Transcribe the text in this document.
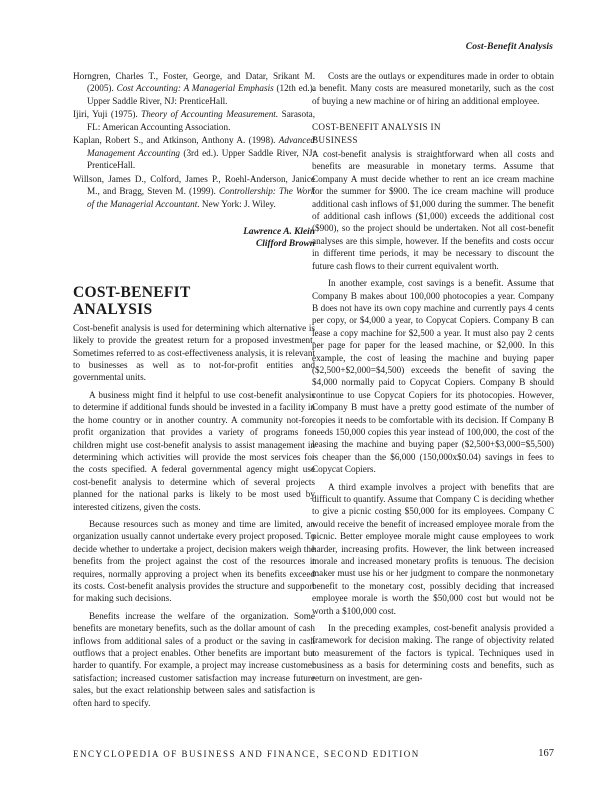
Cost-Benefit Analysis

Horngren, Charles T., Foster, George, and Datar, Srikant M. (2005). Cost Accounting: A Managerial Emphasis (12th ed.). Upper Saddle River, NJ: PrenticeHall.

Ijiri, Yuji (1975). Theory of Accounting Measurement. Sarasota, FL: American Accounting Association.

Kaplan, Robert S., and Atkinson, Anthony A. (1998). Advanced Management Accounting (3rd ed.). Upper Saddle River, NJ: PrenticeHall.

Willson, James D., Colford, James P., Roehl-Anderson, Janice M., and Bragg, Steven M. (1999). Controllership: The Work of the Managerial Accountant. New York: J. Wiley.

Lawrence A. Klein
Clifford Brown
COST-BENEFIT
ANALYSIS

Cost-benefit analysis is used for determining which alternative is likely to provide the greatest return for a proposed investment. Sometimes referred to as cost-effectiveness analysis, it is relevant to businesses as well as to not-for-profit entities and governmental units.

A business might find it helpful to use cost-benefit analysis to determine if additional funds should be invested in a facility in the home country or in another country. A community not-for-profit organization that provides a variety of programs for children might use cost-benefit analysis to assist management in determining which activities will provide the most services for the costs specified. A federal governmental agency might use cost-benefit analysis to determine which of several projects planned for the national parks is likely to be most used by interested citizens, given the costs.

Because resources such as money and time are limited, an organization usually cannot undertake every project proposed. To decide whether to undertake a project, decision makers weigh the benefits from the project against the cost of the resources it requires, normally approving a project when its benefits exceed its costs. Cost-benefit analysis provides the structure and support for making such decisions.

Benefits increase the welfare of the organization. Some benefits are monetary benefits, such as the dollar amount of cash inflows from additional sales of a product or the saving in cash outflows that a project enables. Other benefits are important but harder to quantify. For example, a project may increase customer satisfaction; increased customer satisfaction may increase future sales, but the exact relationship between sales and satisfaction is often hard to specify.

Costs are the outlays or expenditures made in order to obtain a benefit. Many costs are measured monetarily, such as the cost of buying a new machine or of hiring an additional employee.

COST-BENEFIT ANALYSIS IN
BUSINESS

A cost-benefit analysis is straightforward when all costs and benefits are measurable in monetary terms. Assume that Company A must decide whether to rent an ice cream machine for the summer for $900. The ice cream machine will produce additional cash inflows of $1,000 during the summer. The benefit of additional cash inflows ($1,000) exceeds the additional cost ($900), so the project should be undertaken. Not all cost-benefit analyses are this simple, however. If the benefits and costs occur in different time periods, it may be necessary to discount the future cash flows to their current equivalent worth.

In another example, cost savings is a benefit. Assume that Company B makes about 100,000 photocopies a year. Company B does not have its own copy machine and currently pays 4 cents per copy, or $4,000 a year, to Copycat Copiers. Company B can lease a copy machine for $2,500 a year. It must also pay 2 cents per page for paper for the leased machine, or $2,000. In this example, the cost of leasing the machine and buying paper ($2,500+$2,000=$4,500) exceeds the benefit of saving the $4,000 normally paid to Copycat Copiers. Company B should continue to use Copycat Copiers for its photocopies. However, Company B must have a pretty good estimate of the number of copies it needs to be comfortable with its decision. If Company B needs 150,000 copies this year instead of 100,000, the cost of the leasing the machine and buying paper ($2,500+$3,000=$5,500) is cheaper than the $6,000 (150,000x$0.04) savings in fees to Copycat Copiers.

A third example involves a project with benefits that are difficult to quantify. Assume that Company C is deciding whether to give a picnic costing $50,000 for its employees. Company C would receive the benefit of increased employee morale from the picnic. Better employee morale might cause employees to work harder, increasing profits. However, the link between increased morale and increased monetary profits is tenuous. The decision maker must use his or her judgment to compare the nonmonetary benefit to the monetary cost, possibly deciding that increased employee morale is worth the $50,000 cost but would not be worth a $100,000 cost.

In the preceding examples, cost-benefit analysis provided a framework for decision making. The range of objectivity related to measurement of the factors is typical. Techniques used in business as a basis for determining costs and benefits, such as return on investment, are gen-

ENCYCLOPEDIA OF BUSINESS AND FINANCE, SECOND EDITION	167
